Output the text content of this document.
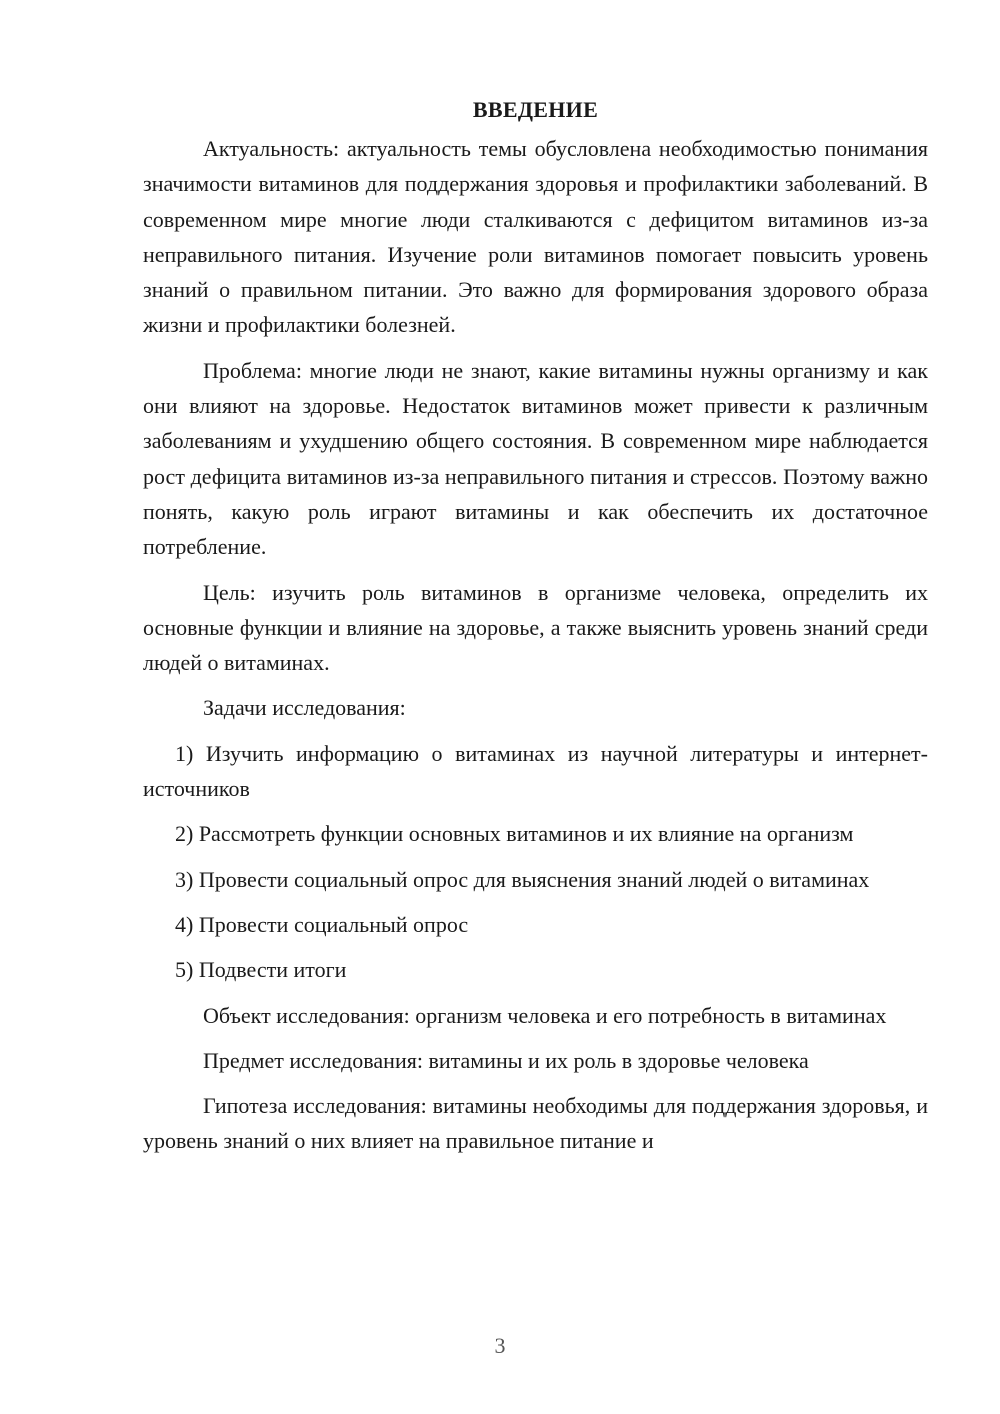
ВВЕДЕНИЕ

Актуальность: актуальность темы обусловлена необходимостью понимания значимости витаминов для поддержания здоровья и профилактики заболеваний. В современном мире многие люди сталкиваются с дефицитом витаминов из-за неправильного питания. Изучение роли витаминов помогает повысить уровень знаний о правильном питании. Это важно для формирования здорового образа жизни и профилактики болезней.

Проблема: многие люди не знают, какие витамины нужны организму и как они влияют на здоровье. Недостаток витаминов может привести к различным заболеваниям и ухудшению общего состояния. В современном мире наблюдается рост дефицита витаминов из-за неправильного питания и стрессов. Поэтому важно понять, какую роль играют витамины и как обеспечить их достаточное потребление.

Цель: изучить роль витаминов в организме человека, определить их основные функции и влияние на здоровье, а также выяснить уровень знаний среди людей о витаминах.

Задачи исследования:

1) Изучить информацию о витаминах из научной литературы и интернет-источников

2) Рассмотреть функции основных витаминов и их влияние на организм

3) Провести социальный опрос для выяснения знаний людей о витаминах

4) Провести социальный опрос

5) Подвести итоги

Объект исследования: организм человека и его потребность в витаминах

Предмет исследования: витамины и их роль в здоровье человека

Гипотеза исследования: витамины необходимы для поддержания здоровья, и уровень знаний о них влияет на правильное питание и

3
